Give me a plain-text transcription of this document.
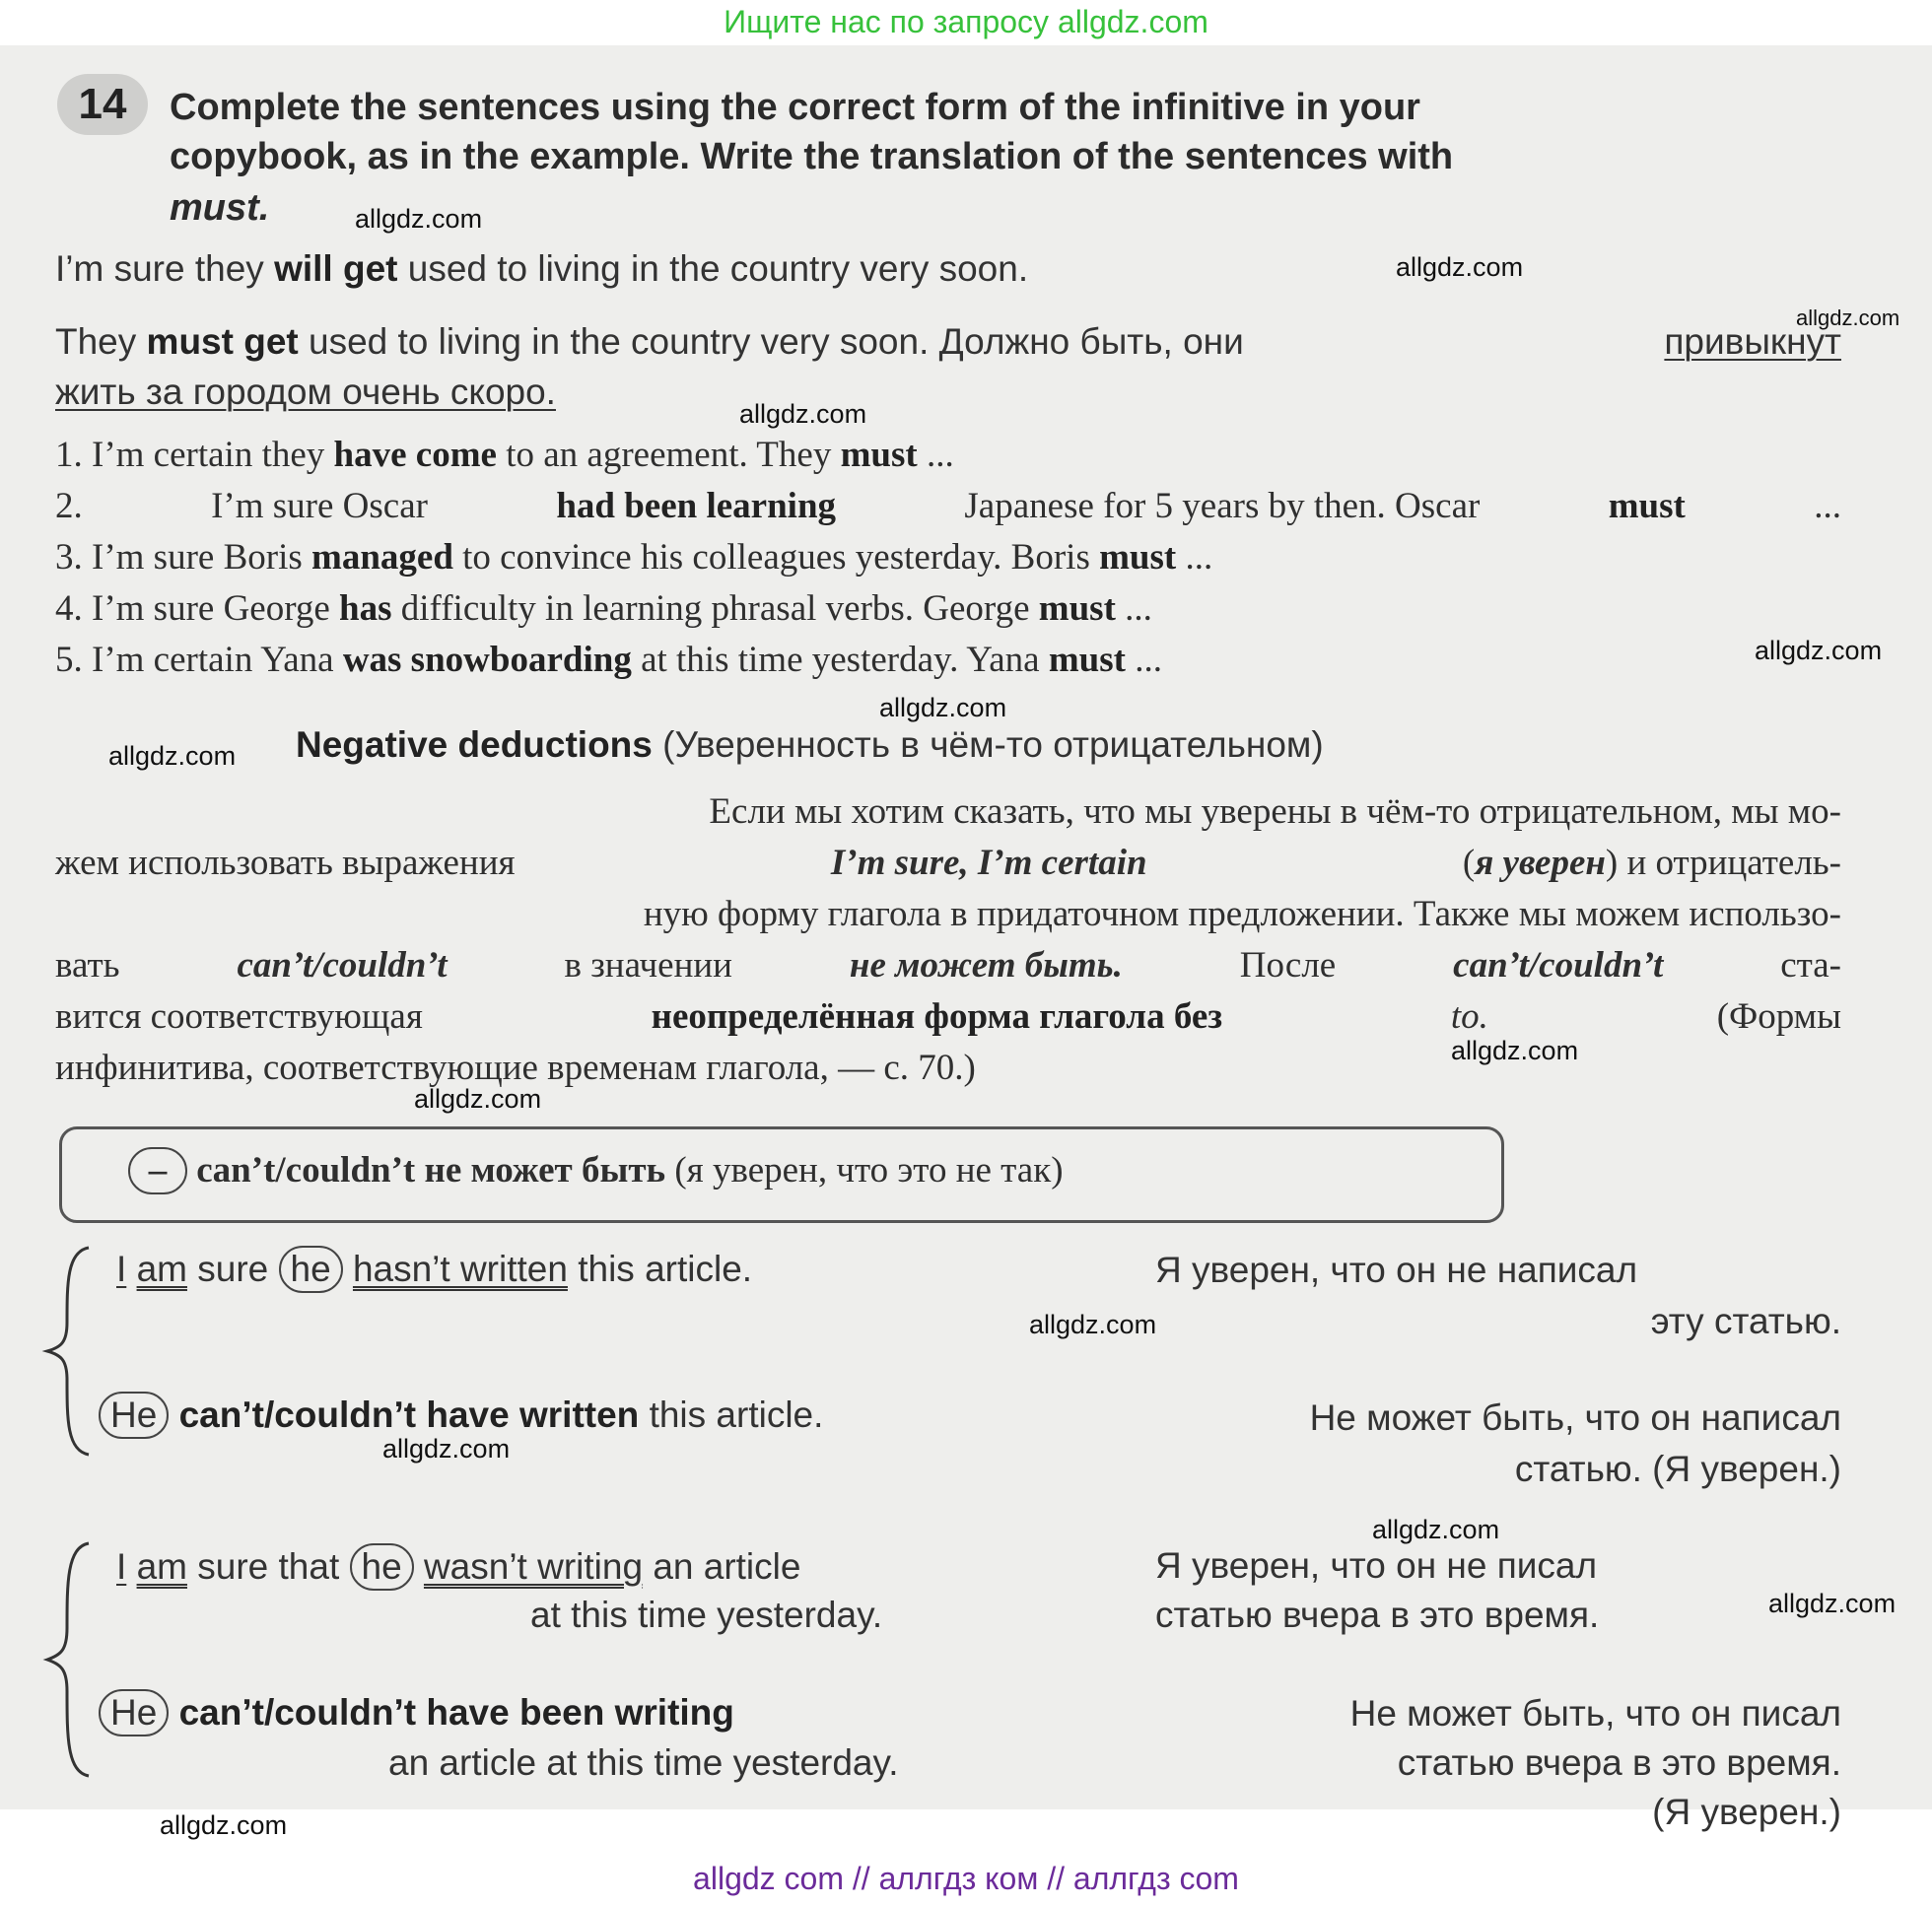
Ищите нас по запросу allgdz.com
14	Complete the sentences using the correct form of the infinitive in your
copybook, as in the example. Write the translation of the sentences with
must.
I’m sure they will get used to living in the country very soon.
They must get used to living in the country very soon. Должно быть, они	привыкнут
жить за городом очень скоро.
1. I’m certain they have come to an agreement. They must ...
2.	I’m sure Oscar	had been learning	Japanese for 5 years by then. Oscar	must	...
3. I’m sure Boris managed to convince his colleagues yesterday. Boris must ...
4. I’m sure George has difficulty in learning phrasal verbs. George must ...
5. I’m certain Yana was snowboarding at this time yesterday. Yana must ...
Negative deductions (Уверенность в чём-то отрицательном)
Если мы хотим сказать, что мы уверены в чём-то отрицательном, мы мо-
жем использовать выражения	I’m sure, I’m certain	(я уверен) и отрицатель-
ную форму глагола в придаточном предложении. Также мы можем использо-
вать	can’t/couldn’t	в значении	не может быть.	После	can’t/couldn’t	ста-
вится соответствующая	неопределённая форма глагола без	to.	(Формы
инфинитива, соответствующие временам глагола, — с. 70.)
– can’t/couldn’t не может быть (я уверен, что это не так)
I am sure he hasn’t written this article.	Я уверен, что он не написал
эту статью.
He can’t/couldn’t have written this article.	Не может быть, что он написал
статью. (Я уверен.)
I am sure that he wasn’t writing an article
at this time yesterday.
Я уверен, что он не писал
статью вчера в это время.
He can’t/couldn’t have been writing
an article at this time yesterday.
Не может быть, что он писал
статью вчера в это время.
(Я уверен.)
allgdz.com
allgdz.com
allgdz.com
allgdz.com
allgdz.com
allgdz.com
allgdz.com
allgdz.com
allgdz.com
allgdz.com
allgdz.com
allgdz.com
allgdz.com
allgdz.com
allgdz com // аллгдз ком // аллгдз com
